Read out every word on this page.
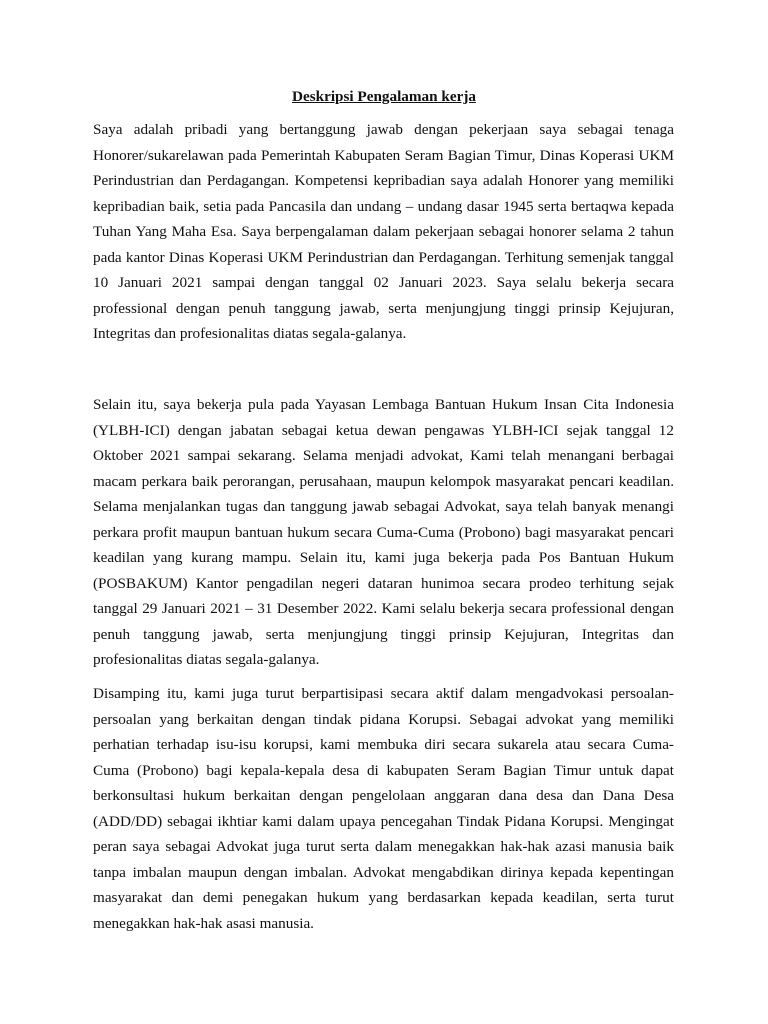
Deskripsi Pengalaman kerja

Saya adalah pribadi yang bertanggung jawab dengan pekerjaan saya sebagai tenaga Honorer/sukarelawan pada Pemerintah Kabupaten Seram Bagian Timur, Dinas Koperasi UKM Perindustrian dan Perdagangan. Kompetensi kepribadian saya adalah Honorer yang memiliki kepribadian baik, setia pada Pancasila dan undang – undang dasar 1945 serta bertaqwa kepada Tuhan Yang Maha Esa. Saya berpengalaman dalam pekerjaan sebagai honorer selama 2 tahun pada kantor Dinas Koperasi UKM Perindustrian dan Perdagangan. Terhitung semenjak tanggal 10 Januari 2021 sampai dengan tanggal 02 Januari 2023. Saya selalu bekerja secara professional dengan penuh tanggung jawab, serta menjungjung tinggi prinsip Kejujuran, Integritas dan profesionalitas diatas segala-galanya.

Selain itu, saya bekerja pula pada Yayasan Lembaga Bantuan Hukum Insan Cita Indonesia (YLBH-ICI) dengan jabatan sebagai ketua dewan pengawas YLBH-ICI sejak tanggal 12 Oktober 2021 sampai sekarang. Selama menjadi advokat, Kami telah menangani berbagai macam perkara baik perorangan, perusahaan, maupun kelompok masyarakat pencari keadilan. Selama menjalankan tugas dan tanggung jawab sebagai Advokat, saya telah banyak menangi perkara profit maupun bantuan hukum secara Cuma-Cuma (Probono) bagi masyarakat pencari keadilan yang kurang mampu. Selain itu, kami juga bekerja pada Pos Bantuan Hukum (POSBAKUM) Kantor pengadilan negeri dataran hunimoa secara prodeo terhitung sejak tanggal 29 Januari 2021 – 31 Desember 2022. Kami selalu bekerja secara professional dengan penuh tanggung jawab, serta menjungjung tinggi prinsip Kejujuran, Integritas dan profesionalitas diatas segala-galanya.

Disamping itu, kami juga turut berpartisipasi secara aktif dalam mengadvokasi persoalan-persoalan yang berkaitan dengan tindak pidana Korupsi. Sebagai advokat yang memiliki perhatian terhadap isu-isu korupsi, kami membuka diri secara sukarela atau secara Cuma-Cuma (Probono) bagi kepala-kepala desa di kabupaten Seram Bagian Timur untuk dapat berkonsultasi hukum berkaitan dengan pengelolaan anggaran dana desa dan Dana Desa (ADD/DD) sebagai ikhtiar kami dalam upaya pencegahan Tindak Pidana Korupsi. Mengingat peran saya sebagai Advokat juga turut serta dalam menegakkan hak-hak azasi manusia baik tanpa imbalan maupun dengan imbalan. Advokat mengabdikan dirinya kepada kepentingan masyarakat dan demi penegakan hukum yang berdasarkan kepada keadilan, serta turut menegakkan hak-hak asasi manusia.
